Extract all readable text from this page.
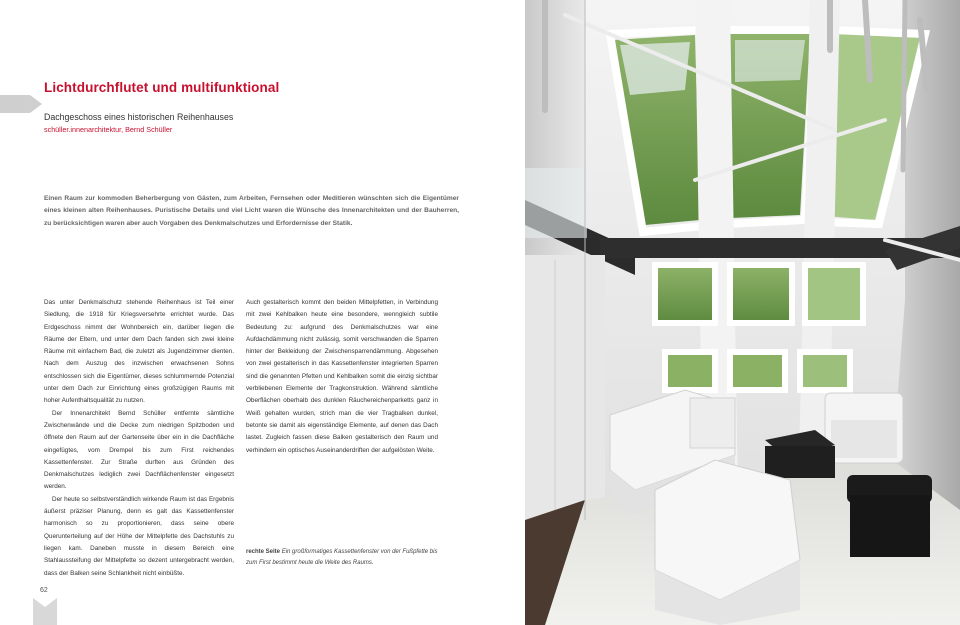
Lichtdurchflutet und multifunktional
Dachgeschoss eines historischen Reihenhauses
schüller.innenarchitektur, Bernd Schüller

Einen Raum zur kommoden Beherbergung von Gästen, zum Arbeiten, Fernsehen oder Meditieren wünschten sich die Eigentümer eines kleinen alten Reihenhauses. Puristische Details und viel Licht waren die Wünsche des Innenarchitekten und der Bauherren, zu berücksichtigen waren aber auch Vorgaben des Denkmalschutzes und Erfordernisse der Statik.

Das unter Denkmalschutz stehende Reihenhaus ist Teil einer Siedlung, die 1918 für Kriegsversehrte errichtet wurde. Das Erdgeschoss nimmt der Wohnbereich ein, darüber liegen die Räume der Eltern, und unter dem Dach fanden sich zwei kleine Räume mit einfachem Bad, die zuletzt als Jugendzimmer dienten. Nach dem Auszug des inzwischen erwachsenen Sohns entschlossen sich die Eigentümer, dieses schlummernde Potenzial unter dem Dach zur Einrichtung eines großzügigen Raums mit hoher Aufenthaltsqualität zu nutzen.

Der Innenarchitekt Bernd Schüller entfernte sämtliche Zwischenwände und die Decke zum niedrigen Spitzboden und öffnete den Raum auf der Gartenseite über ein in die Dachfläche eingefügtes, vom Drempel bis zum First reichendes Kassettenfenster. Zur Straße durften aus Gründen des Denkmalschutzes lediglich zwei Dachflächenfenster eingesetzt werden.

Der heute so selbstverständlich wirkende Raum ist das Ergebnis äußerst präziser Planung, denn es galt das Kassettenfenster harmonisch so zu proportionieren, dass seine obere Querunterteilung auf der Höhe der Mittelpfette des Dachstuhls zu liegen kam. Daneben musste in diesem Bereich eine Stahlaussteifung der Mittelpfette so dezent untergebracht werden, dass der Balken seine Schlankheit nicht einbüßte.

Auch gestalterisch kommt den beiden Mittelpfetten, in Verbindung mit zwei Kehlbalken heute eine besondere, wenngleich subtile Bedeutung zu: aufgrund des Denkmalschutzes war eine Aufdachdämmung nicht zulässig, somit verschwanden die Sparren hinter der Bekleidung der Zwischensparrendämmung. Abgesehen von zwei gestalterisch in das Kassettenfenster integrierten Sparren sind die genannten Pfetten und Kehlbalken somit die einzig sichtbar verbliebenen Elemente der Tragkonstruktion. Während sämtliche Oberflächen oberhalb des dunklen Räuchereichenparketts ganz in Weiß gehalten wurden, strich man die vier Tragbalken dunkel, betonte sie damit als eigenständige Elemente, auf denen das Dach lastet. Zugleich fassen diese Balken gestalterisch den Raum und verhindern ein optisches Auseinanderdriften der aufgelösten Weite.

rechte Seite Ein großformatiges Kassettenfenster von der Fußpfette bis zum First bestimmt heute die Weite des Raums.
62
